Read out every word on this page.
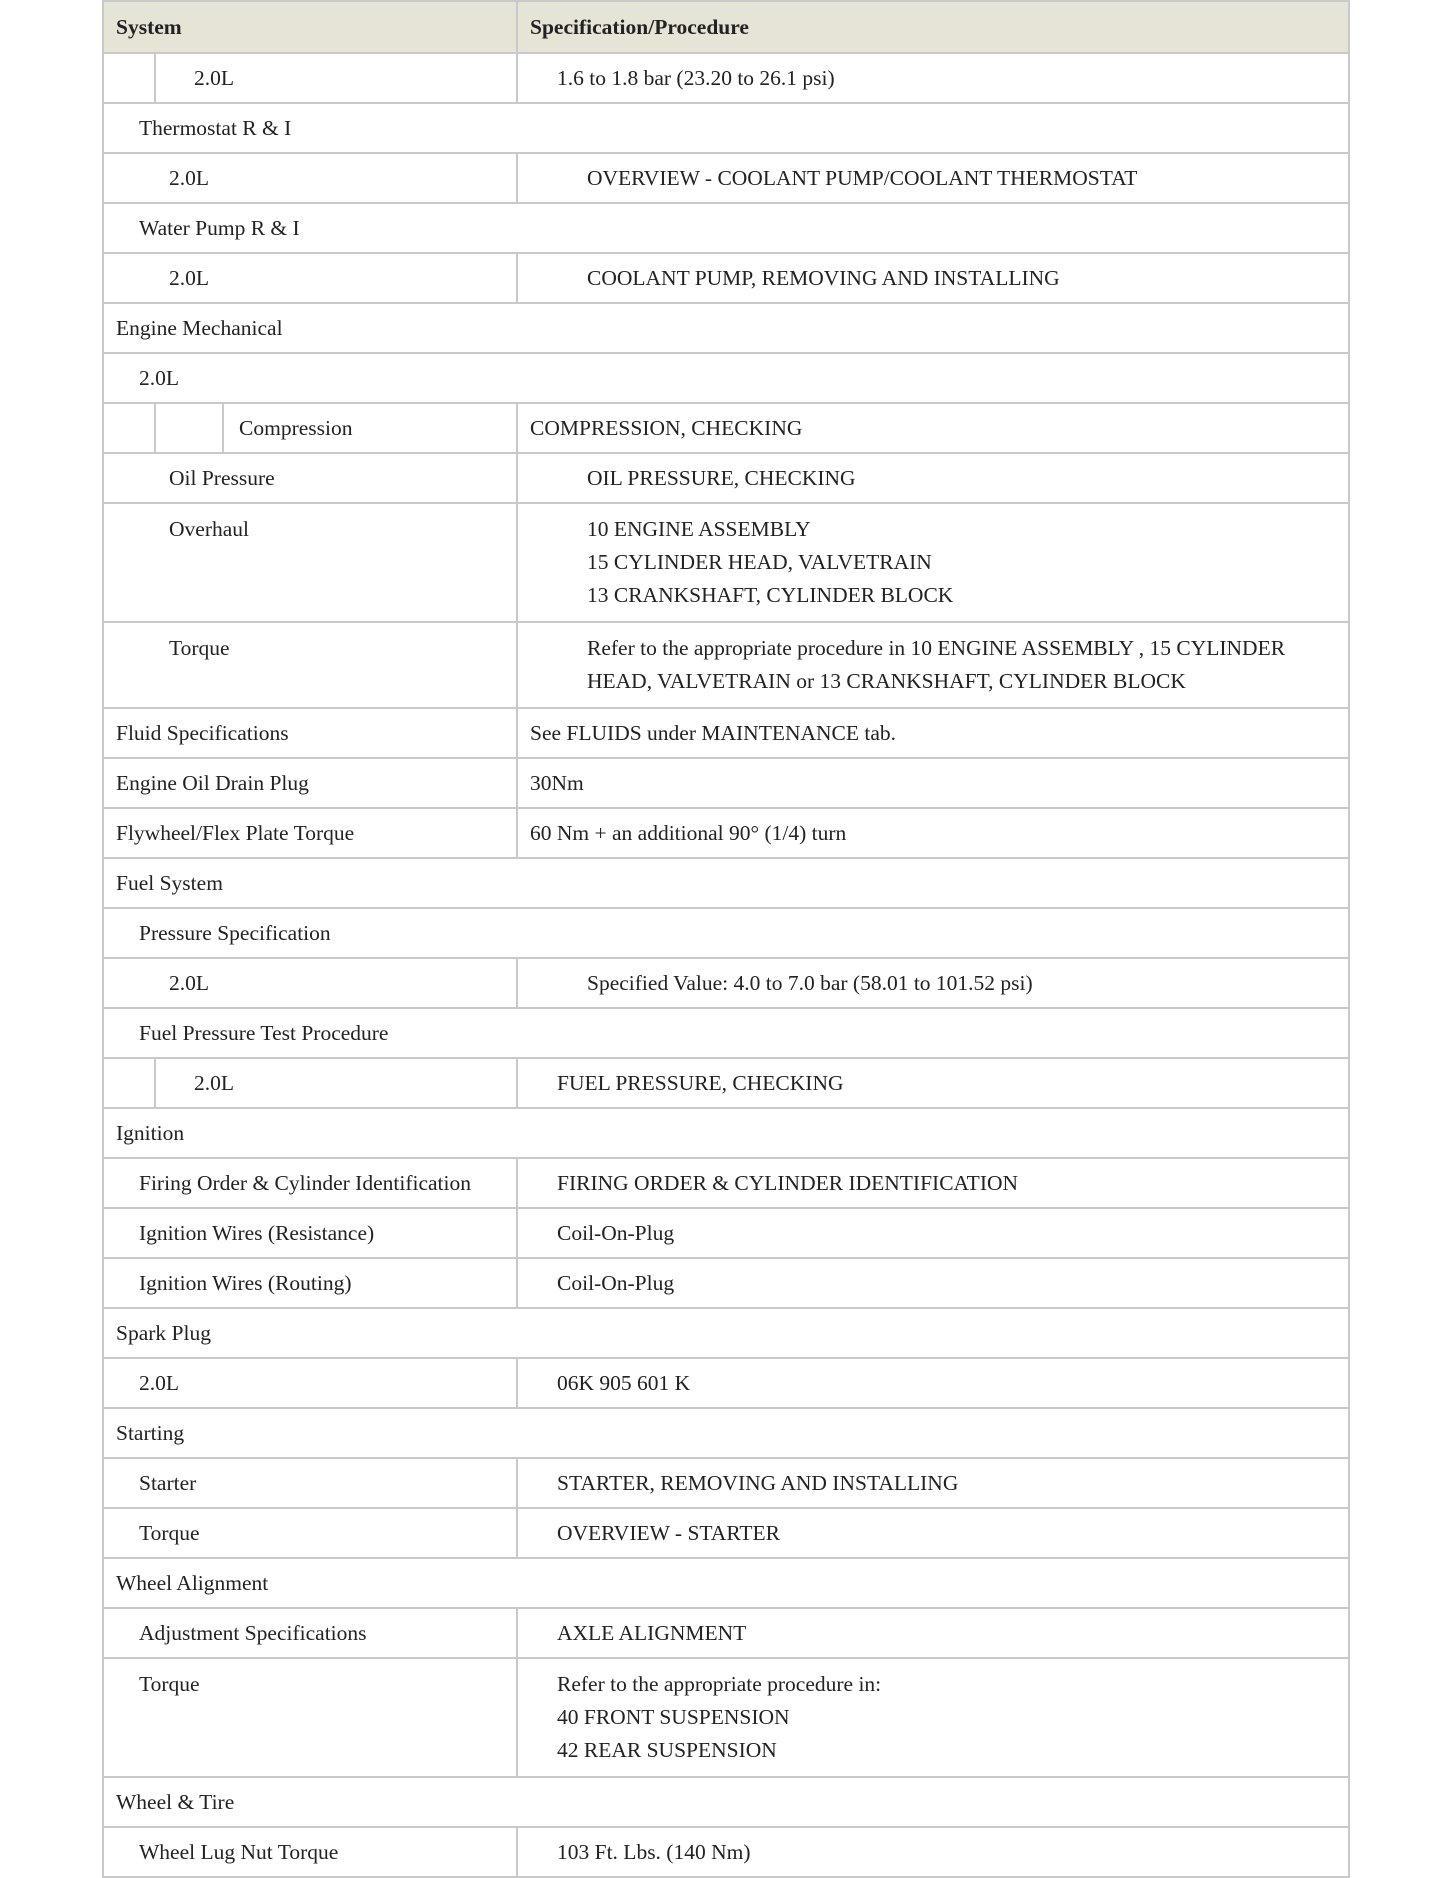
System	Specification/Procedure

2.0L	1.6 to 1.8 bar (23.20 to 26.1 psi)
Thermostat R & I	
2.0L	OVERVIEW - COOLANT PUMP/COOLANT THERMOSTAT
Water Pump R & I	
2.0L	COOLANT PUMP, REMOVING AND INSTALLING
Engine Mechanical	
2.0L	

Compression	COMPRESSION, CHECKING
Oil Pressure	OIL PRESSURE, CHECKING
Overhaul	10 ENGINE ASSEMBLY
15 CYLINDER HEAD, VALVETRAIN
13 CRANKSHAFT, CYLINDER BLOCK

Torque	Refer to the appropriate procedure in 10 ENGINE ASSEMBLY , 15 CYLINDER
HEAD, VALVETRAIN or 13 CRANKSHAFT, CYLINDER BLOCK

Fluid Specifications	See FLUIDS under MAINTENANCE tab.
Engine Oil Drain Plug	30Nm
Flywheel/Flex Plate Torque	60 Nm + an additional 90° (1/4) turn
Fuel System	
Pressure Specification	
2.0L	Specified Value: 4.0 to 7.0 bar (58.01 to 101.52 psi)
Fuel Pressure Test Procedure	

2.0L	FUEL PRESSURE, CHECKING
Ignition	
Firing Order & Cylinder Identification	FIRING ORDER & CYLINDER IDENTIFICATION
Ignition Wires (Resistance)	Coil-On-Plug
Ignition Wires (Routing)	Coil-On-Plug
Spark Plug	
2.0L	06K 905 601 K
Starting	
Starter	STARTER, REMOVING AND INSTALLING
Torque	OVERVIEW - STARTER
Wheel Alignment	
Adjustment Specifications	AXLE ALIGNMENT
Torque	Refer to the appropriate procedure in:
40 FRONT SUSPENSION
42 REAR SUSPENSION

Wheel & Tire	
Wheel Lug Nut Torque	103 Ft. Lbs. (140 Nm)
